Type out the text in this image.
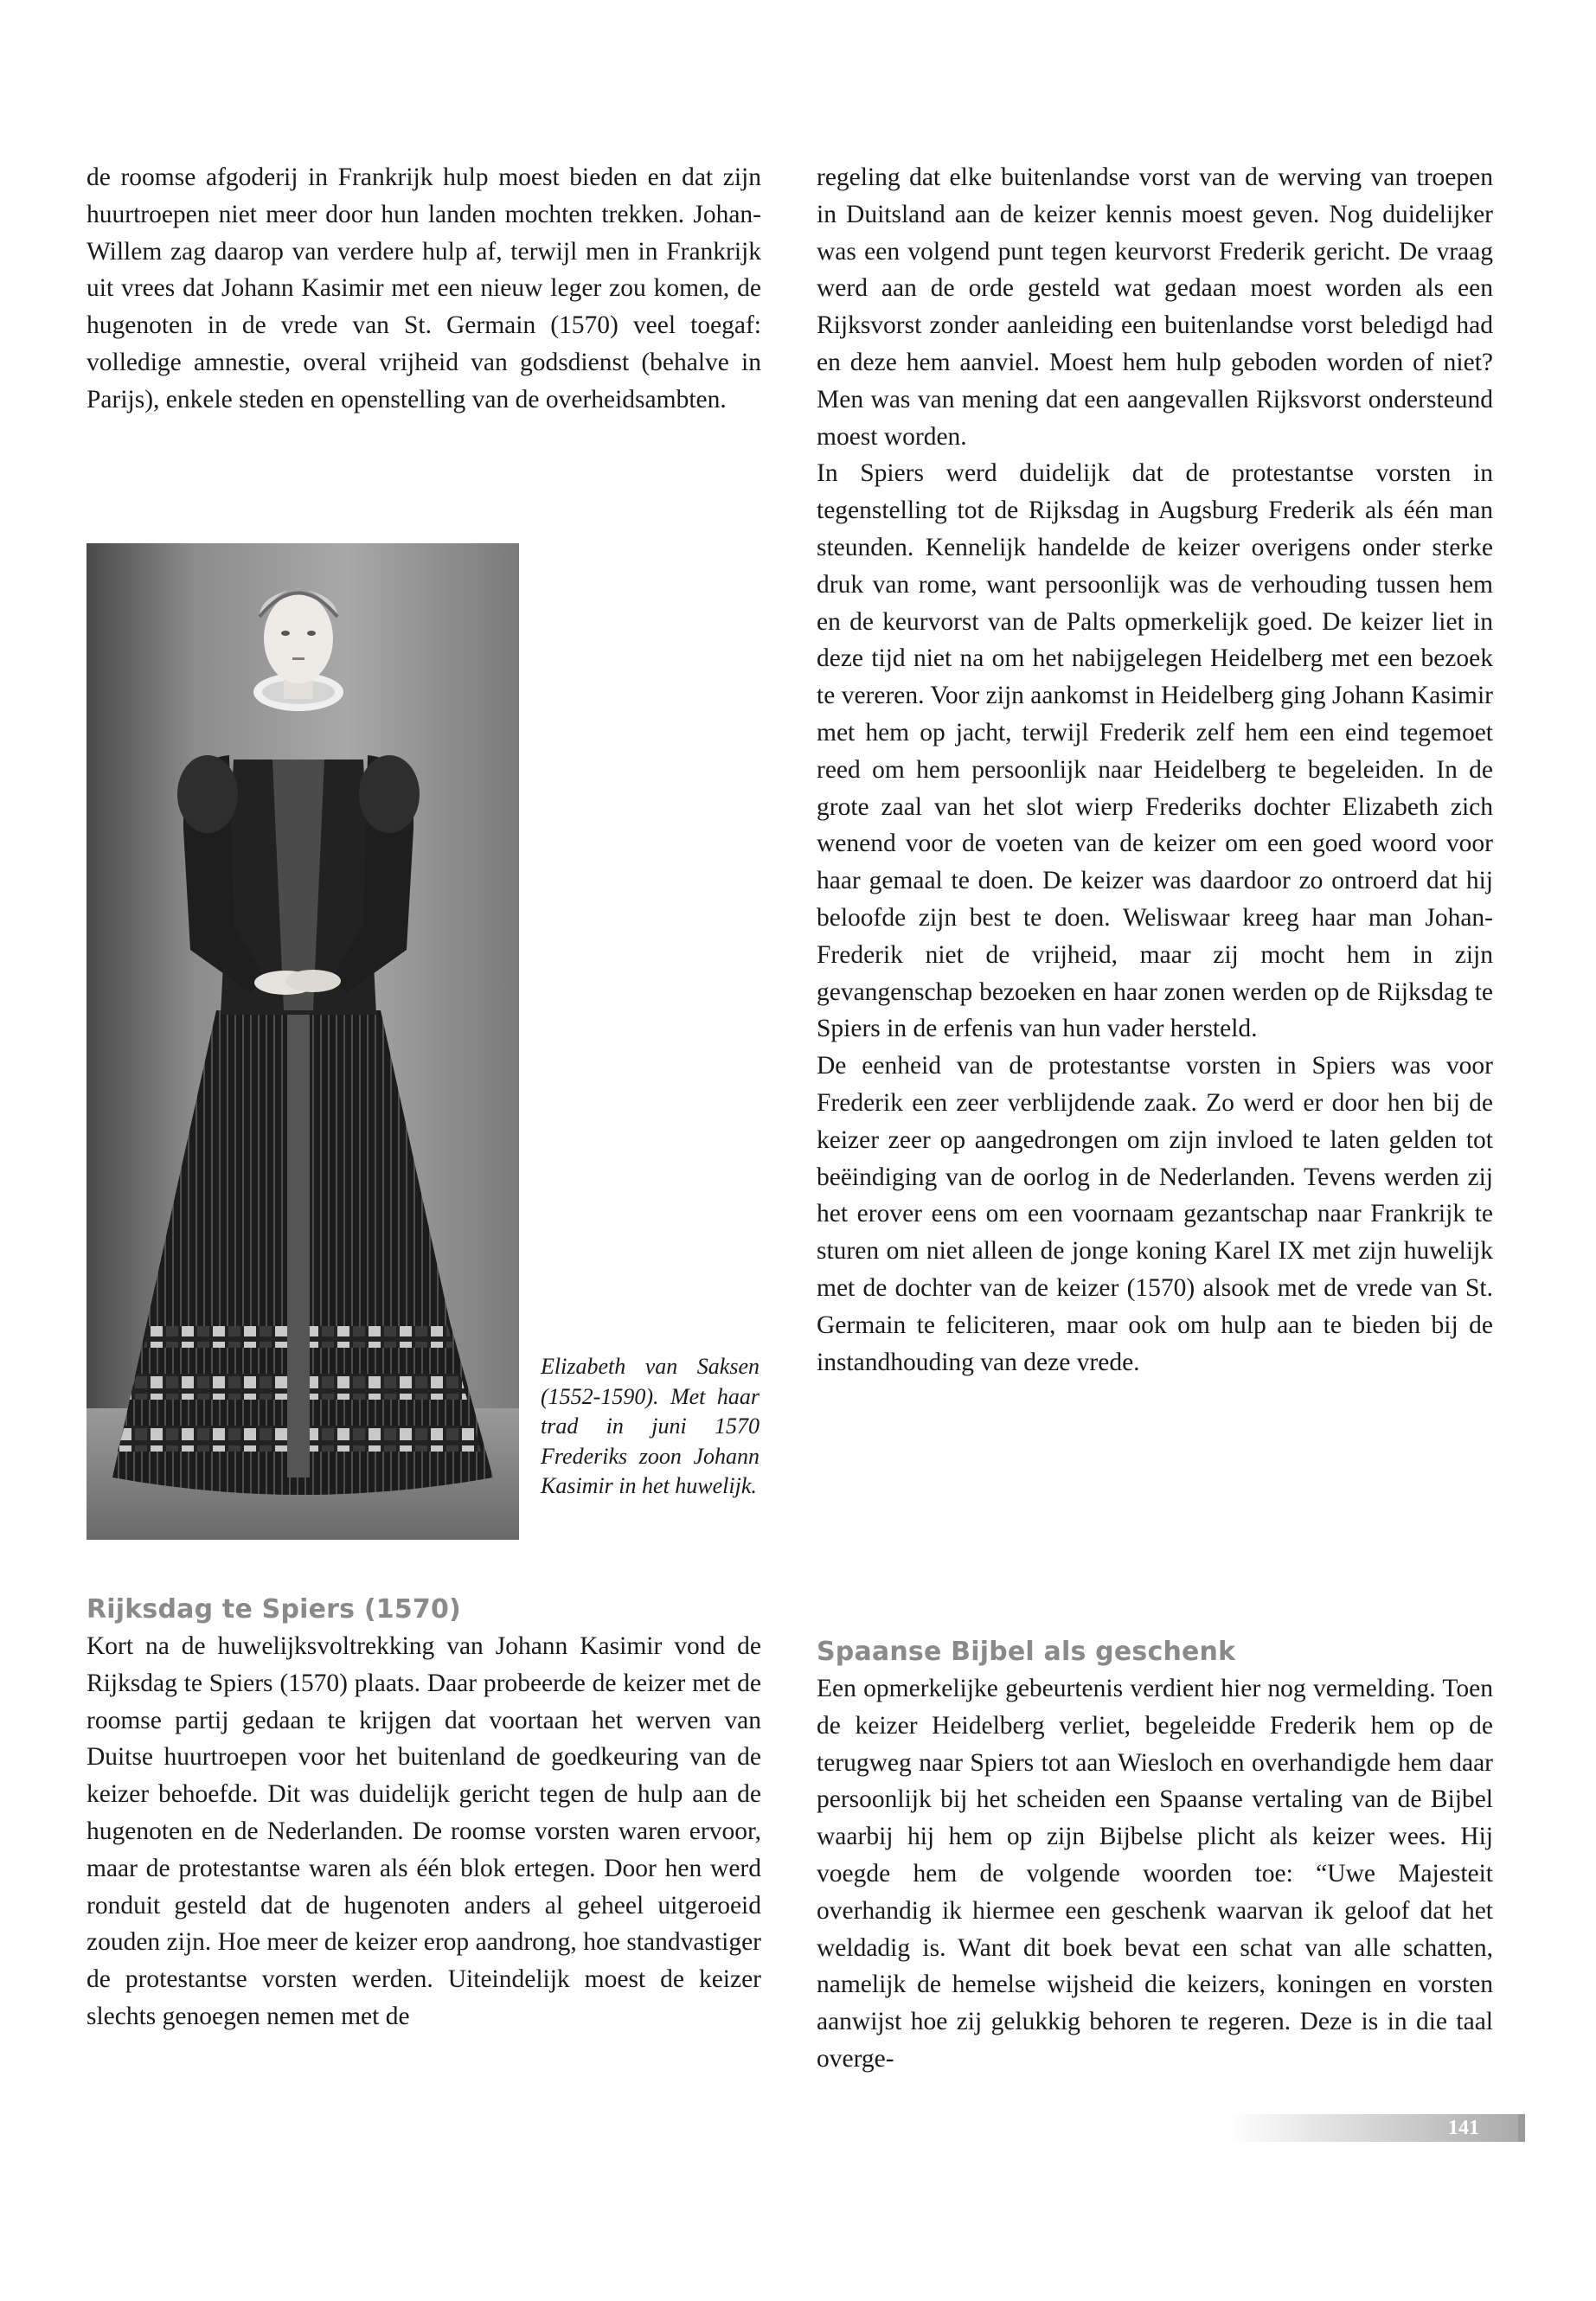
de roomse afgoderij in Frankrijk hulp moest bieden en dat zijn huurtroepen niet meer door hun landen mochten trekken. Johan-Willem zag daarop van verdere hulp af, terwijl men in Frankrijk uit vrees dat Johann Kasimir met een nieuw leger zou komen, de hugenoten in de vrede van St. Germain (1570) veel toegaf: volledige amnestie, overal vrijheid van godsdienst (behalve in Parijs), enkele steden en openstelling van de overheidsambten.

Elizabeth van Saksen (1552-1590). Met haar trad in juni 1570 Frederiks zoon Johann Kasimir in het huwelijk.
Rijksdag te Spiers (1570)

Kort na de huwelijksvoltrekking van Johann Kasimir vond de Rijksdag te Spiers (1570) plaats. Daar probeerde de keizer met de roomse partij gedaan te krijgen dat voortaan het werven van Duitse huurtroepen voor het buitenland de goedkeuring van de keizer behoefde. Dit was duidelijk gericht tegen de hulp aan de hugenoten en de Nederlanden. De roomse vorsten waren ervoor, maar de protestantse waren als één blok ertegen. Door hen werd ronduit gesteld dat de hugenoten anders al geheel uitgeroeid zouden zijn. Hoe meer de keizer erop aandrong, hoe standvastiger de protestantse vorsten werden. Uiteindelijk moest de keizer slechts genoegen nemen met de

regeling dat elke buitenlandse vorst van de werving van troepen in Duitsland aan de keizer kennis moest geven. Nog duidelijker was een volgend punt tegen keurvorst Frederik gericht. De vraag werd aan de orde gesteld wat gedaan moest worden als een Rijksvorst zonder aanleiding een buitenlandse vorst beledigd had en deze hem aanviel. Moest hem hulp geboden worden of niet? Men was van mening dat een aangevallen Rijksvorst ondersteund moest worden.

In Spiers werd duidelijk dat de protestantse vorsten in tegenstelling tot de Rijksdag in Augsburg Frederik als één man steunden. Kennelijk handelde de keizer overigens onder sterke druk van rome, want persoonlijk was de verhouding tussen hem en de keurvorst van de Palts opmerkelijk goed. De keizer liet in deze tijd niet na om het nabijgelegen Heidelberg met een bezoek te vereren. Voor zijn aankomst in Heidelberg ging Johann Kasimir met hem op jacht, terwijl Frederik zelf hem een eind tegemoet reed om hem persoonlijk naar Heidelberg te begeleiden. In de grote zaal van het slot wierp Frederiks dochter Elizabeth zich wenend voor de voeten van de keizer om een goed woord voor haar gemaal te doen. De keizer was daardoor zo ontroerd dat hij beloofde zijn best te doen. Weliswaar kreeg haar man Johan-Frederik niet de vrijheid, maar zij mocht hem in zijn gevangenschap bezoeken en haar zonen werden op de Rijksdag te Spiers in de erfenis van hun vader hersteld.

De eenheid van de protestantse vorsten in Spiers was voor Frederik een zeer verblijdende zaak. Zo werd er door hen bij de keizer zeer op aangedrongen om zijn invloed te laten gelden tot beëindiging van de oorlog in de Nederlanden. Tevens werden zij het erover eens om een voornaam gezantschap naar Frankrijk te sturen om niet alleen de jonge koning Karel IX met zijn huwelijk met de dochter van de keizer (1570) alsook met de vrede van St. Germain te feliciteren, maar ook om hulp aan te bieden bij de instandhouding van deze vrede.

Spaanse Bijbel als geschenk

Een opmerkelijke gebeurtenis verdient hier nog vermelding. Toen de keizer Heidelberg verliet, begeleidde Frederik hem op de terugweg naar Spiers tot aan Wiesloch en overhandigde hem daar persoonlijk bij het scheiden een Spaanse vertaling van de Bijbel waarbij hij hem op zijn Bijbelse plicht als keizer wees. Hij voegde hem de volgende woorden toe: “Uwe Majesteit overhandig ik hiermee een geschenk waarvan ik geloof dat het weldadig is. Want dit boek bevat een schat van alle schatten, namelijk de hemelse wijsheid die keizers, koningen en vorsten aanwijst hoe zij gelukkig behoren te regeren. Deze is in die taal overge-

141
